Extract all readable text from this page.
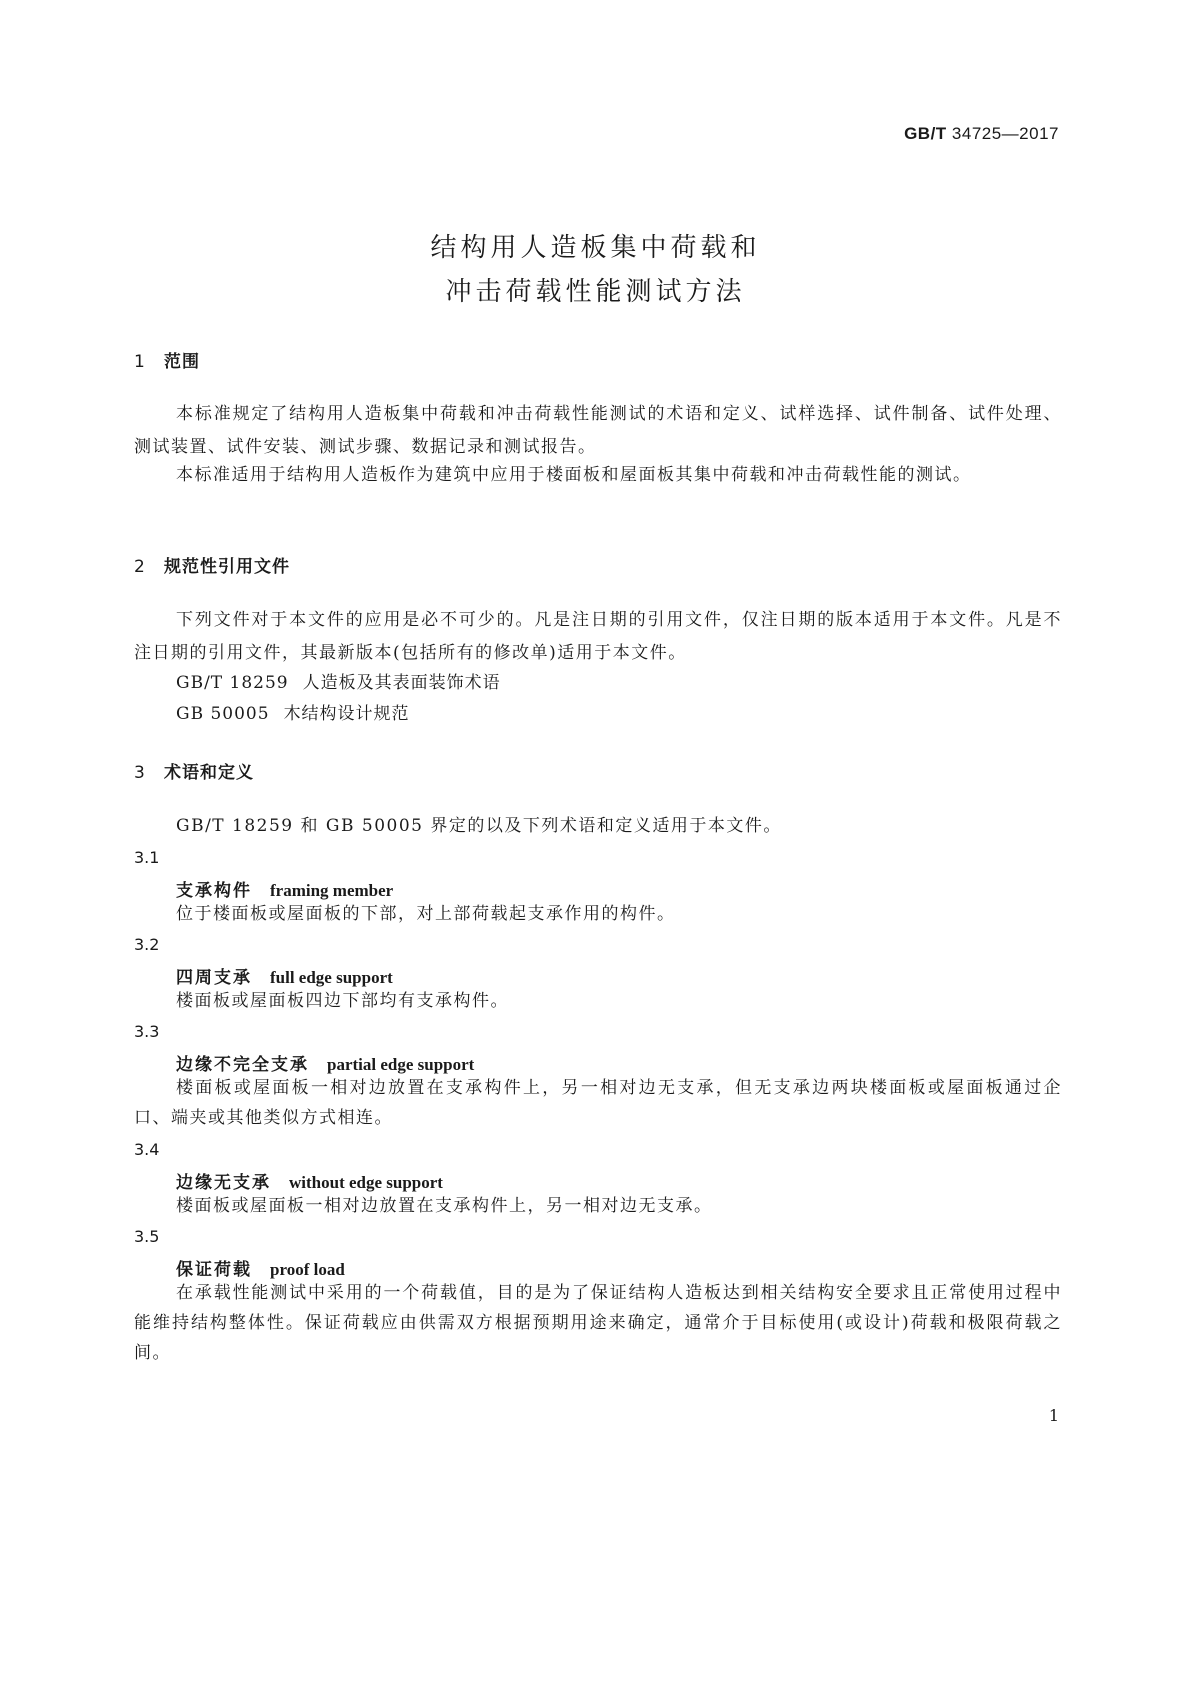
GB/T 34725—2017
结构用人造板集中荷载和
冲击荷载性能测试方法
1 范围
本标准规定了结构用人造板集中荷载和冲击荷载性能测试的术语和定义、试样选择、试件制备、试件处理、测试装置、试件安装、测试步骤、数据记录和测试报告。
本标准适用于结构用人造板作为建筑中应用于楼面板和屋面板其集中荷载和冲击荷载性能的测试。
2 规范性引用文件
下列文件对于本文件的应用是必不可少的。凡是注日期的引用文件，仅注日期的版本适用于本文件。凡是不注日期的引用文件，其最新版本(包括所有的修改单)适用于本文件。
GB/T 18259 人造板及其表面装饰术语
GB 50005 木结构设计规范
3 术语和定义
GB/T 18259 和 GB 50005 界定的以及下列术语和定义适用于本文件。
3.1
支承构件 framing member
位于楼面板或屋面板的下部，对上部荷载起支承作用的构件。
3.2
四周支承 full edge support
楼面板或屋面板四边下部均有支承构件。
3.3
边缘不完全支承 partial edge support
楼面板或屋面板一相对边放置在支承构件上，另一相对边无支承，但无支承边两块楼面板或屋面板通过企口、端夹或其他类似方式相连。
3.4
边缘无支承 without edge support
楼面板或屋面板一相对边放置在支承构件上，另一相对边无支承。
3.5
保证荷载 proof load
在承载性能测试中采用的一个荷载值，目的是为了保证结构人造板达到相关结构安全要求且正常使用过程中能维持结构整体性。保证荷载应由供需双方根据预期用途来确定，通常介于目标使用(或设计)荷载和极限荷载之间。
1
